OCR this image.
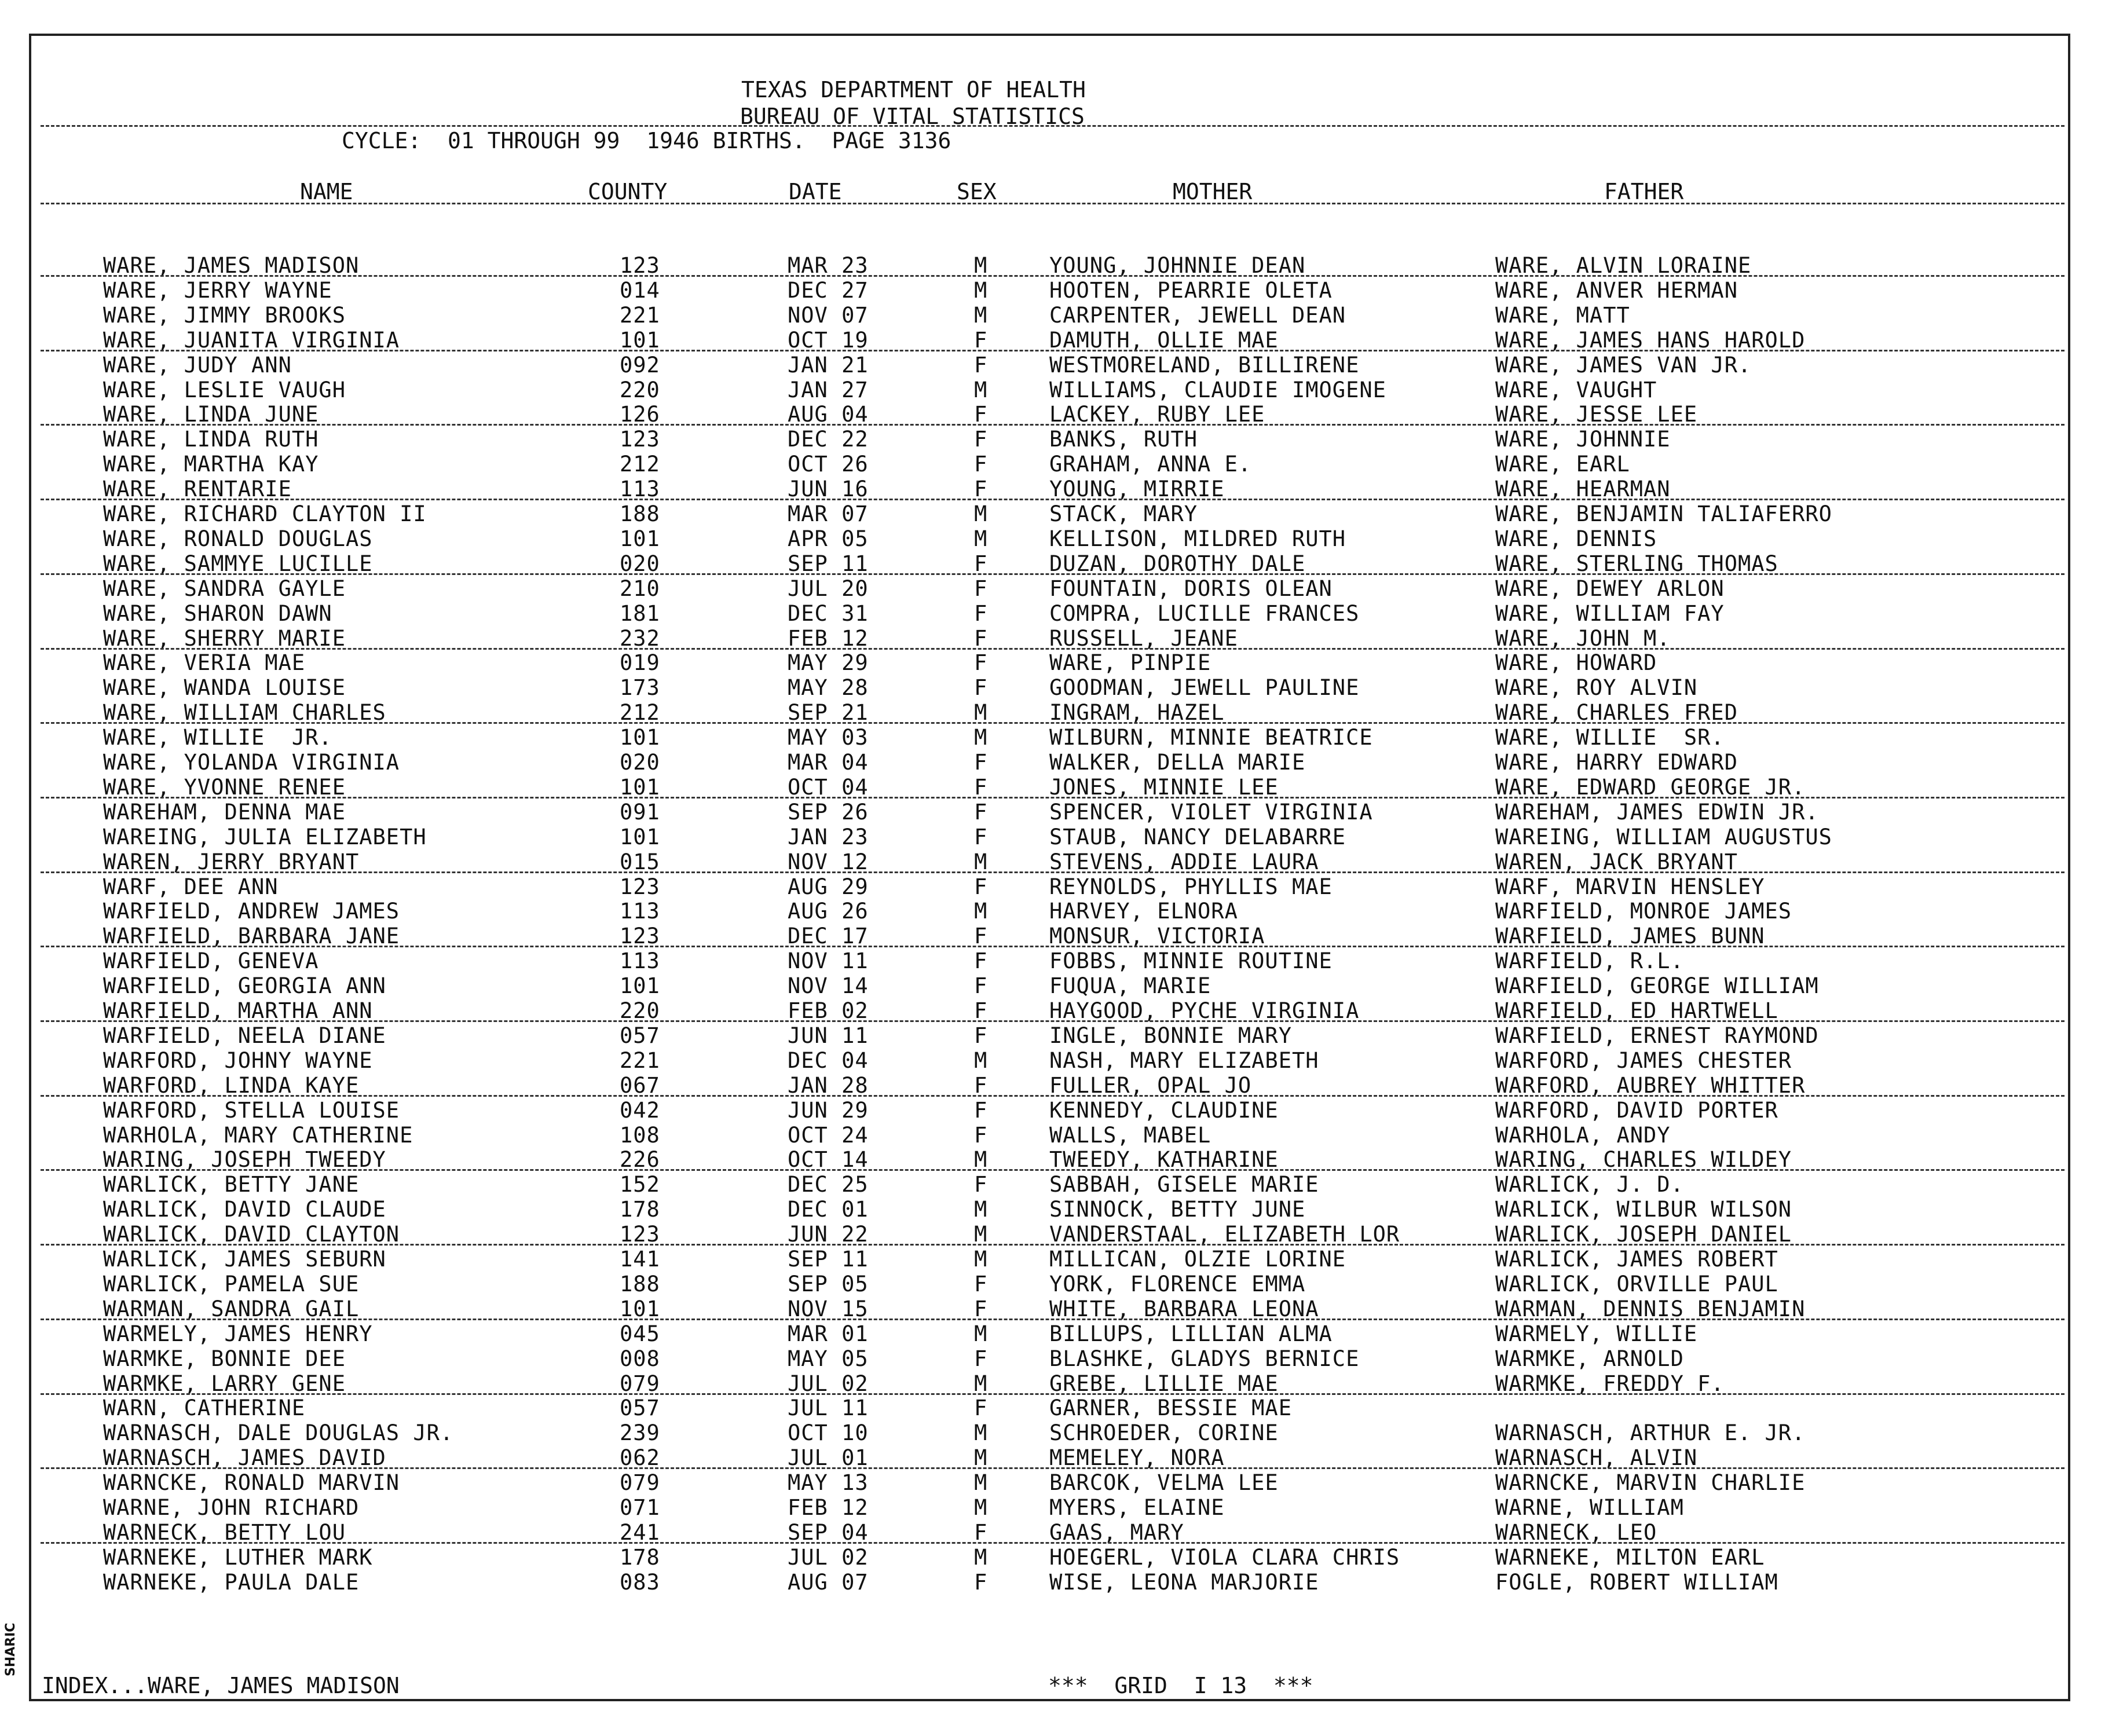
TEXAS DEPARTMENT OF HEALTH
BUREAU OF VITAL STATISTICS
CYCLE:  01 THROUGH 99  1946 BIRTHS.  PAGE 3136
NAME	COUNTY	DATE	SEX	MOTHER	FATHER
WARE, JAMES MADISON	123	MAR 23	M	YOUNG, JOHNNIE DEAN	WARE, ALVIN LORAINE
WARE, JERRY WAYNE	014	DEC 27	M	HOOTEN, PEARRIE OLETA	WARE, ANVER HERMAN
WARE, JIMMY BROOKS	221	NOV 07	M	CARPENTER, JEWELL DEAN	WARE, MATT
WARE, JUANITA VIRGINIA	101	OCT 19	F	DAMUTH, OLLIE MAE	WARE, JAMES HANS HAROLD
WARE, JUDY ANN	092	JAN 21	F	WESTMORELAND, BILLIRENE	WARE, JAMES VAN JR.
WARE, LESLIE VAUGH	220	JAN 27	M	WILLIAMS, CLAUDIE IMOGENE	WARE, VAUGHT
WARE, LINDA JUNE	126	AUG 04	F	LACKEY, RUBY LEE	WARE, JESSE LEE
WARE, LINDA RUTH	123	DEC 22	F	BANKS, RUTH	WARE, JOHNNIE
WARE, MARTHA KAY	212	OCT 26	F	GRAHAM, ANNA E.	WARE, EARL
WARE, RENTARIE	113	JUN 16	F	YOUNG, MIRRIE	WARE, HEARMAN
WARE, RICHARD CLAYTON II	188	MAR 07	M	STACK, MARY	WARE, BENJAMIN TALIAFERRO
WARE, RONALD DOUGLAS	101	APR 05	M	KELLISON, MILDRED RUTH	WARE, DENNIS
WARE, SAMMYE LUCILLE	020	SEP 11	F	DUZAN, DOROTHY DALE	WARE, STERLING THOMAS
WARE, SANDRA GAYLE	210	JUL 20	F	FOUNTAIN, DORIS OLEAN	WARE, DEWEY ARLON
WARE, SHARON DAWN	181	DEC 31	F	COMPRA, LUCILLE FRANCES	WARE, WILLIAM FAY
WARE, SHERRY MARIE	232	FEB 12	F	RUSSELL, JEANE	WARE, JOHN M.
WARE, VERIA MAE	019	MAY 29	F	WARE, PINPIE	WARE, HOWARD
WARE, WANDA LOUISE	173	MAY 28	F	GOODMAN, JEWELL PAULINE	WARE, ROY ALVIN
WARE, WILLIAM CHARLES	212	SEP 21	M	INGRAM, HAZEL	WARE, CHARLES FRED
WARE, WILLIE  JR.	101	MAY 03	M	WILBURN, MINNIE BEATRICE	WARE, WILLIE  SR.
WARE, YOLANDA VIRGINIA	020	MAR 04	F	WALKER, DELLA MARIE	WARE, HARRY EDWARD
WARE, YVONNE RENEE	101	OCT 04	F	JONES, MINNIE LEE	WARE, EDWARD GEORGE JR.
WAREHAM, DENNA MAE	091	SEP 26	F	SPENCER, VIOLET VIRGINIA	WAREHAM, JAMES EDWIN JR.
WAREING, JULIA ELIZABETH	101	JAN 23	F	STAUB, NANCY DELABARRE	WAREING, WILLIAM AUGUSTUS
WAREN, JERRY BRYANT	015	NOV 12	M	STEVENS, ADDIE LAURA	WAREN, JACK BRYANT
WARF, DEE ANN	123	AUG 29	F	REYNOLDS, PHYLLIS MAE	WARF, MARVIN HENSLEY
WARFIELD, ANDREW JAMES	113	AUG 26	M	HARVEY, ELNORA	WARFIELD, MONROE JAMES
WARFIELD, BARBARA JANE	123	DEC 17	F	MONSUR, VICTORIA	WARFIELD, JAMES BUNN
WARFIELD, GENEVA	113	NOV 11	F	FOBBS, MINNIE ROUTINE	WARFIELD, R.L.
WARFIELD, GEORGIA ANN	101	NOV 14	F	FUQUA, MARIE	WARFIELD, GEORGE WILLIAM
WARFIELD, MARTHA ANN	220	FEB 02	F	HAYGOOD, PYCHE VIRGINIA	WARFIELD, ED HARTWELL
WARFIELD, NEELA DIANE	057	JUN 11	F	INGLE, BONNIE MARY	WARFIELD, ERNEST RAYMOND
WARFORD, JOHNY WAYNE	221	DEC 04	M	NASH, MARY ELIZABETH	WARFORD, JAMES CHESTER
WARFORD, LINDA KAYE	067	JAN 28	F	FULLER, OPAL JO	WARFORD, AUBREY WHITTER
WARFORD, STELLA LOUISE	042	JUN 29	F	KENNEDY, CLAUDINE	WARFORD, DAVID PORTER
WARHOLA, MARY CATHERINE	108	OCT 24	F	WALLS, MABEL	WARHOLA, ANDY
WARING, JOSEPH TWEEDY	226	OCT 14	M	TWEEDY, KATHARINE	WARING, CHARLES WILDEY
WARLICK, BETTY JANE	152	DEC 25	F	SABBAH, GISELE MARIE	WARLICK, J. D.
WARLICK, DAVID CLAUDE	178	DEC 01	M	SINNOCK, BETTY JUNE	WARLICK, WILBUR WILSON
WARLICK, DAVID CLAYTON	123	JUN 22	M	VANDERSTAAL, ELIZABETH LOR	WARLICK, JOSEPH DANIEL
WARLICK, JAMES SEBURN	141	SEP 11	M	MILLICAN, OLZIE LORINE	WARLICK, JAMES ROBERT
WARLICK, PAMELA SUE	188	SEP 05	F	YORK, FLORENCE EMMA	WARLICK, ORVILLE PAUL
WARMAN, SANDRA GAIL	101	NOV 15	F	WHITE, BARBARA LEONA	WARMAN, DENNIS BENJAMIN
WARMELY, JAMES HENRY	045	MAR 01	M	BILLUPS, LILLIAN ALMA	WARMELY, WILLIE
WARMKE, BONNIE DEE	008	MAY 05	F	BLASHKE, GLADYS BERNICE	WARMKE, ARNOLD
WARMKE, LARRY GENE	079	JUL 02	M	GREBE, LILLIE MAE	WARMKE, FREDDY F.
WARN, CATHERINE	057	JUL 11	F	GARNER, BESSIE MAE
WARNASCH, DALE DOUGLAS JR.	239	OCT 10	M	SCHROEDER, CORINE	WARNASCH, ARTHUR E. JR.
WARNASCH, JAMES DAVID	062	JUL 01	M	MEMELEY, NORA	WARNASCH, ALVIN
WARNCKE, RONALD MARVIN	079	MAY 13	M	BARCOK, VELMA LEE	WARNCKE, MARVIN CHARLIE
WARNE, JOHN RICHARD	071	FEB 12	M	MYERS, ELAINE	WARNE, WILLIAM
WARNECK, BETTY LOU	241	SEP 04	F	GAAS, MARY	WARNECK, LEO
WARNEKE, LUTHER MARK	178	JUL 02	M	HOEGERL, VIOLA CLARA CHRIS	WARNEKE, MILTON EARL
WARNEKE, PAULA DALE	083	AUG 07	F	WISE, LEONA MARJORIE	FOGLE, ROBERT WILLIAM
INDEX...WARE, JAMES MADISON	***  GRID  I 13  ***
SHARIC
